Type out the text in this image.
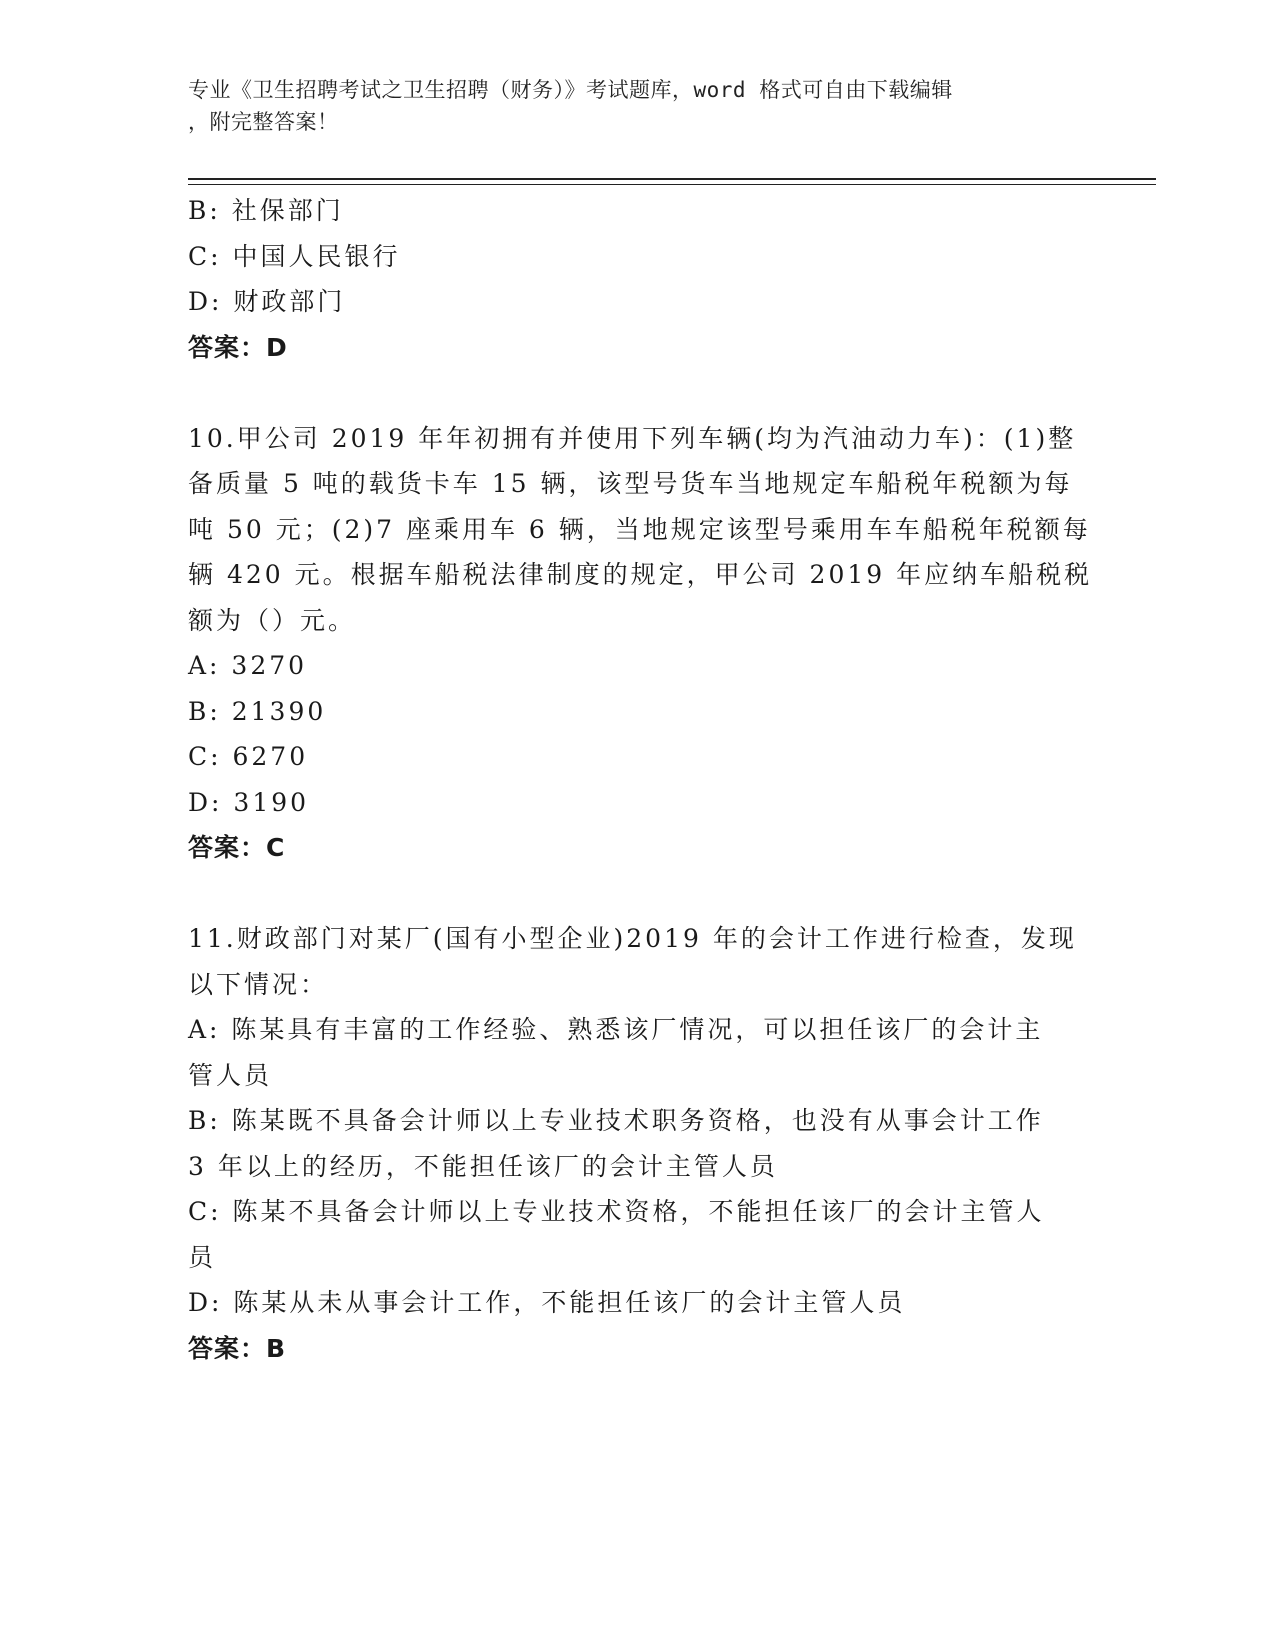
专业《卫生招聘考试之卫生招聘（财务）》考试题库，word 格式可自由下载编辑
，附完整答案！
B: 社保部门
C: 中国人民银行
D: 财政部门
答案：D
10.甲公司 2019 年年初拥有并使用下列车辆(均为汽油动力车)：(1)整
备质量 5 吨的载货卡车 15 辆，该型号货车当地规定车船税年税额为每
吨 50 元；(2)7 座乘用车 6 辆，当地规定该型号乘用车车船税年税额每
辆 420 元。根据车船税法律制度的规定，甲公司 2019 年应纳车船税税
额为（）元。
A: 3270
B: 21390
C: 6270
D: 3190
答案：C
11.财政部门对某厂(国有小型企业)2019 年的会计工作进行检查，发现
以下情况：
A: 陈某具有丰富的工作经验、熟悉该厂情况，可以担任该厂的会计主
管人员
B: 陈某既不具备会计师以上专业技术职务资格，也没有从事会计工作
3 年以上的经历，不能担任该厂的会计主管人员
C: 陈某不具备会计师以上专业技术资格，不能担任该厂的会计主管人
员
D: 陈某从未从事会计工作，不能担任该厂的会计主管人员
答案：B
